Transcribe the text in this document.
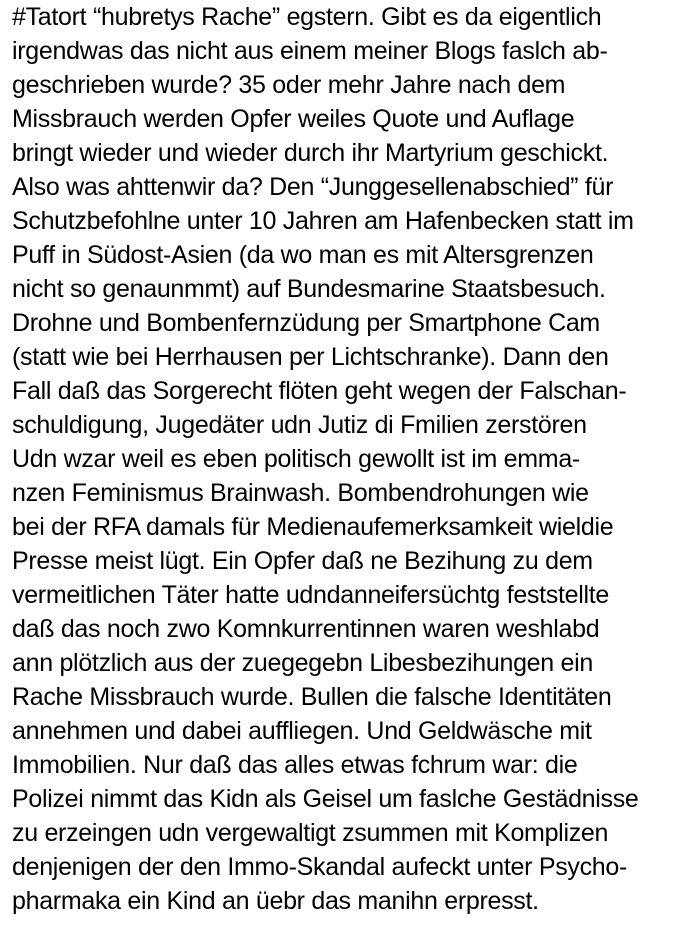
#Tatort “hubretys Rache” egstern. Gibt es da eigentlich
irgendwas das nicht aus einem meiner Blogs faslch ab-
geschrieben wurde? 35 oder mehr Jahre nach dem
Missbrauch werden Opfer weiles Quote und Auflage
bringt wieder und wieder durch ihr Martyrium geschickt.
Also was ahttenwir da? Den “Junggesellenabschied” für
Schutzbefohlne unter 10 Jahren am Hafenbecken statt im
Puff in Südost-Asien (da wo man es mit Altersgrenzen
nicht so genaunmmt) auf Bundesmarine Staatsbesuch.
Drohne und Bombenfernzüdung per Smartphone Cam
(statt wie bei Herrhausen per Lichtschranke). Dann den
Fall daß das Sorgerecht flöten geht wegen der Falschan-
schuldigung, Jugedäter udn Jutiz di Fmilien zerstören
Udn wzar weil es eben politisch gewollt ist im emma-
nzen Feminismus Brainwash. Bombendrohungen wie
bei der RFA damals für Medienaufemerksamkeit wieldie
Presse meist lügt. Ein Opfer daß ne Bezihung zu dem
vermeitlichen Täter hatte udndanneifersüchtg feststellte
daß das noch zwo Komnkurrentinnen waren weshlabd
ann plötzlich aus der zuegegebn Libesbezihungen ein
Rache Missbrauch wurde. Bullen die falsche Identitäten
annehmen und dabei auffliegen. Und Geldwäsche mit
Immobilien. Nur daß das alles etwas fchrum war: die
Polizei nimmt das Kidn als Geisel um faslche Gestädnisse
zu erzeingen udn vergewaltigt zsummen mit Komplizen
denjenigen der den Immo-Skandal aufeckt unter Psycho-
pharmaka ein Kind an üebr das manihn erpresst.
